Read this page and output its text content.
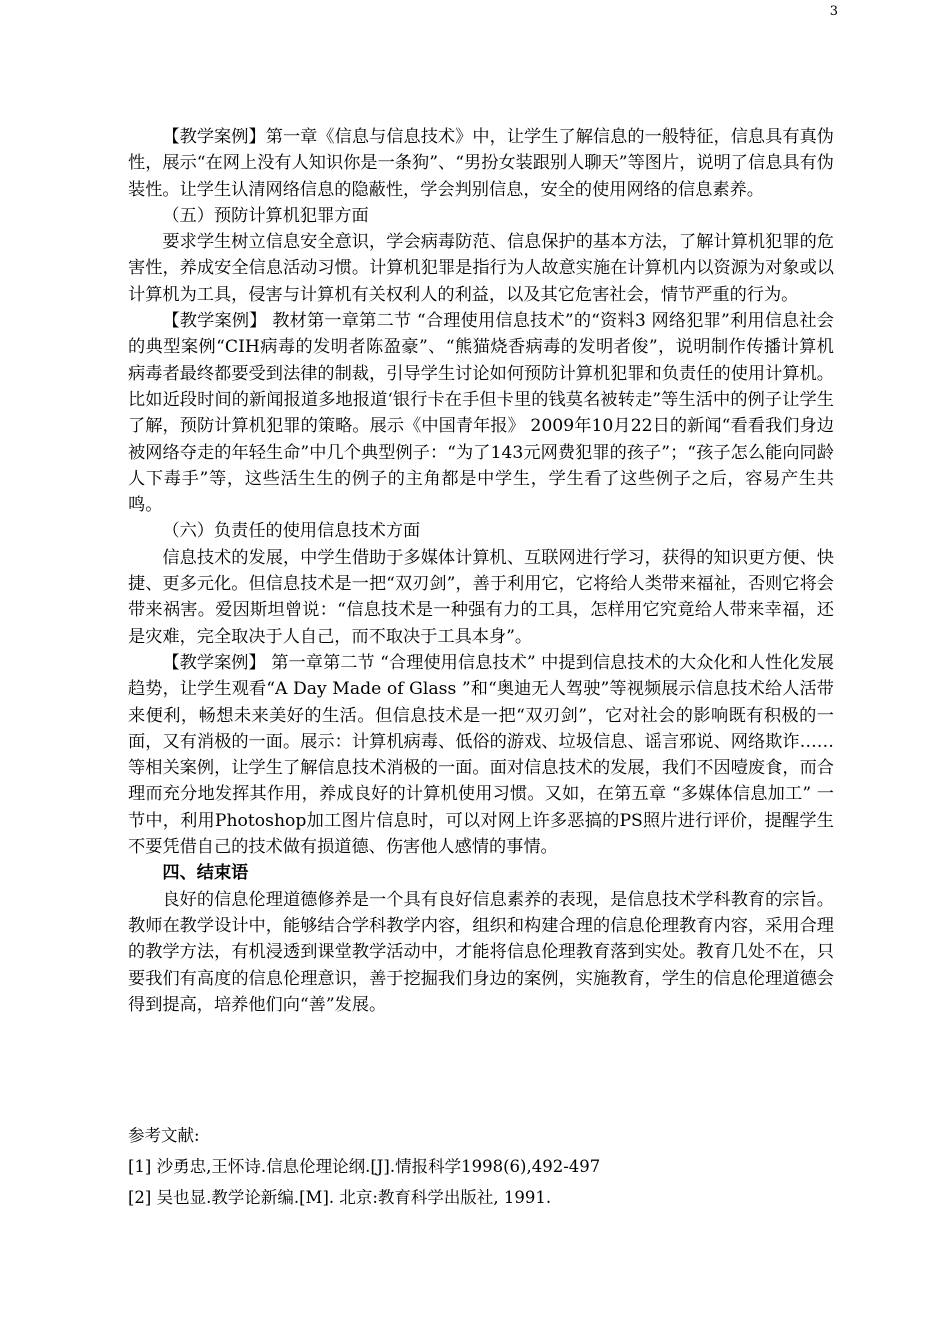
3

【教学案例】第一章《信息与信息技术》中，让学生了解信息的一般特征，信息具有真伪性，展示“在网上没有人知识你是一条狗”、“男扮女装跟别人聊天”等图片，说明了信息具有伪装性。让学生认清网络信息的隐蔽性，学会判别信息，安全的使用网络的信息素养。

（五）预防计算机犯罪方面

要求学生树立信息安全意识，学会病毒防范、信息保护的基本方法，了解计算机犯罪的危害性，养成安全信息活动习惯。计算机犯罪是指行为人故意实施在计算机内以资源为对象或以计算机为工具，侵害与计算机有关权利人的利益，以及其它危害社会，情节严重的行为。

【教学案例】 教材第一章第二节 “合理使用信息技术”的“资料3 网络犯罪”利用信息社会的典型案例“CIH病毒的发明者陈盈豪”、“熊猫烧香病毒的发明者俊”，说明制作传播计算机病毒者最终都要受到法律的制裁，引导学生讨论如何预防计算机犯罪和负责任的使用计算机。比如近段时间的新闻报道多地报道‘银行卡在手但卡里的钱莫名被转走”等生活中的例子让学生了解，预防计算机犯罪的策略。展示《中国青年报》 2009年10月22日的新闻“看看我们身边被网络夺走的年轻生命”中几个典型例子：“为了143元网费犯罪的孩子”；“孩子怎么能向同龄人下毒手”等，这些活生生的例子的主角都是中学生，学生看了这些例子之后，容易产生共鸣。

（六）负责任的使用信息技术方面

信息技术的发展，中学生借助于多媒体计算机、互联网进行学习，获得的知识更方便、快捷、更多元化。但信息技术是一把“双刃剑”，善于利用它，它将给人类带来福祉，否则它将会带来祸害。爱因斯坦曾说：“信息技术是一种强有力的工具，怎样用它究竟给人带来幸福，还是灾难，完全取决于人自己，而不取决于工具本身”。

【教学案例】 第一章第二节 “合理使用信息技术” 中提到信息技术的大众化和人性化发展趋势，让学生观看“A Day Made of Glass ”和“奥迪无人驾驶”等视频展示信息技术给人活带来便利，畅想未来美好的生活。但信息技术是一把“双刃剑”，它对社会的影响既有积极的一面，又有消极的一面。展示：计算机病毒、低俗的游戏、垃圾信息、谣言邪说、网络欺诈……等相关案例，让学生了解信息技术消极的一面。面对信息技术的发展，我们不因噎废食，而合理而充分地发挥其作用，养成良好的计算机使用习惯。又如，在第五章 “多媒体信息加工” 一节中，利用Photoshop加工图片信息时，可以对网上许多恶搞的PS照片进行评价，提醒学生不要凭借自己的技术做有损道德、伤害他人感情的事情。

四、结束语

良好的信息伦理道德修养是一个具有良好信息素养的表现，是信息技术学科教育的宗旨。教师在教学设计中，能够结合学科教学内容，组织和构建合理的信息伦理教育内容，采用合理的教学方法，有机浸透到课堂教学活动中，才能将信息伦理教育落到实处。教育几处不在，只要我们有高度的信息伦理意识，善于挖掘我们身边的案例，实施教育，学生的信息伦理道德会得到提高，培养他们向“善”发展。

参考文献:

[1] 沙勇忠,王怀诗.信息伦理论纲.[J].情报科学1998(6),492-497

[2] 吴也显.教学论新编.[M]. 北京:教育科学出版社, 1991.
